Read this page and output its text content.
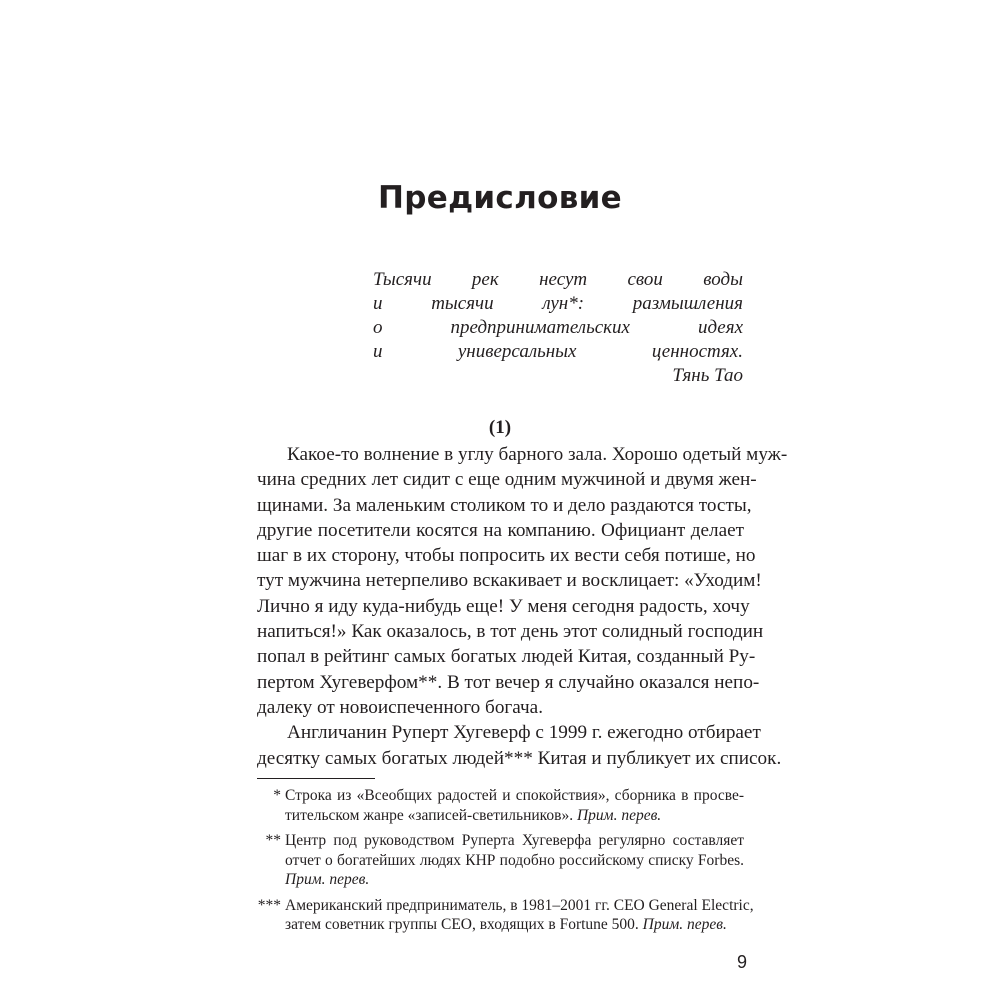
Предисловие
Тысячи рек несут свои воды
и тысячи лун*: размышления
о предпринимательских идеях
и универсальных ценностях.
Тянь Тао
(1)
Какое-то волнение в углу барного зала. Хорошо одетый муж-
чина средних лет сидит с еще одним мужчиной и двумя жен-
щинами. За маленьким столиком то и дело раздаются тосты,
другие посетители косятся на компанию. Официант делает
шаг в их сторону, чтобы попросить их вести себя потише, но
тут мужчина нетерпеливо вскакивает и восклицает: «Уходим!
Лично я иду куда-нибудь еще! У меня сегодня радость, хочу
напиться!» Как оказалось, в тот день этот солидный господин
попал в рейтинг самых богатых людей Китая, созданный Ру-
пертом Хугеверфом**. В тот вечер я случайно оказался непо-
далеку от новоиспеченного богача.
Англичанин Руперт Хугеверф с 1999 г. ежегодно отбирает
десятку самых богатых людей*** Китая и публикует их список.
* Строка из «Всеобщих радостей и спокойствия», сборника в просве-
тительском жанре «записей-светильников». Прим. перев.
** Центр под руководством Руперта Хугеверфа регулярно составляет
отчет о богатейших людях КНР подобно российскому списку Forbes.
Прим. перев.
*** Американский предприниматель, в 1981–2001 гг. CEO General Electric,
затем советник группы CEO, входящих в Fortune 500. Прим. перев.
9
